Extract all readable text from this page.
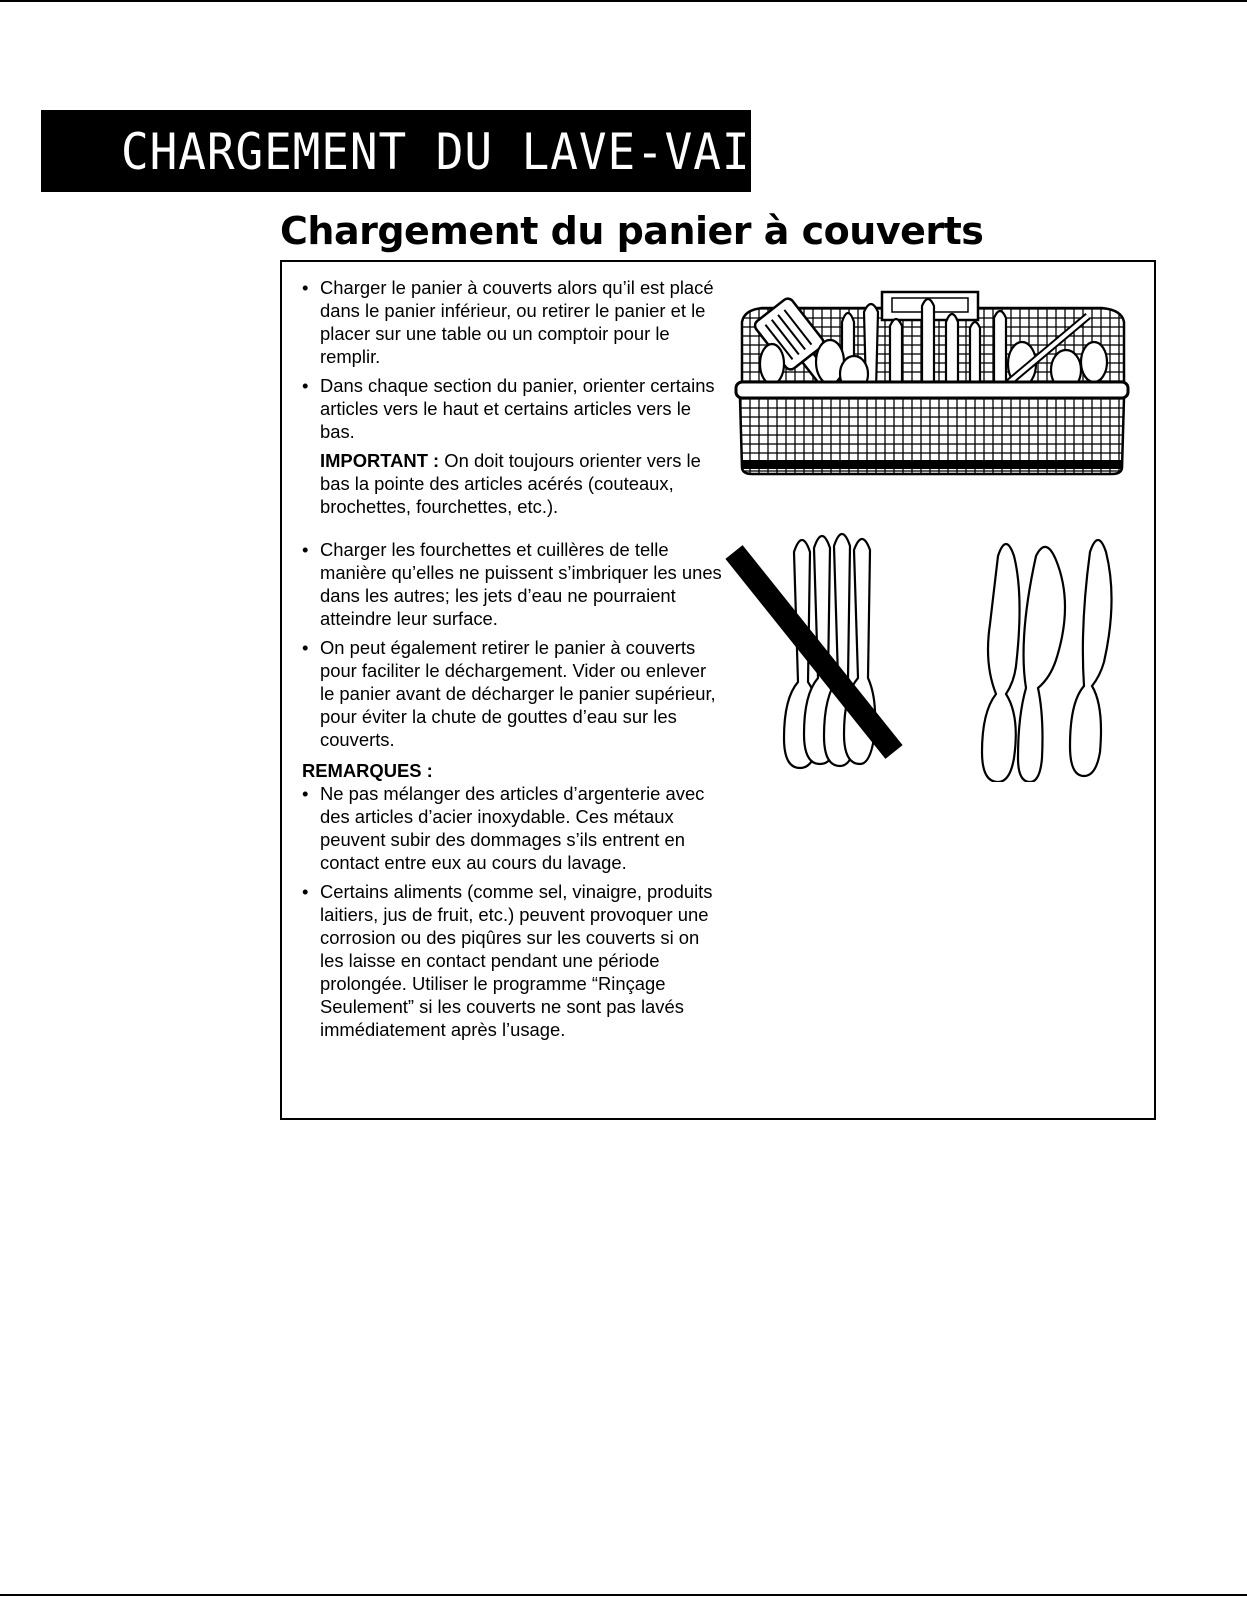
CHARGEMENT DU LAVE-VAISSELLE
Chargement du panier à couverts
• Charger le panier à couverts alors qu’il est placé dans le panier inférieur, ou retirer le panier et le placer sur une table ou un comptoir pour le remplir.
• Dans chaque section du panier, orienter certains articles vers le haut et certains articles vers le bas.
IMPORTANT : On doit toujours orienter vers le bas la pointe des articles acérés (couteaux, brochettes, fourchettes, etc.).
• Charger les fourchettes et cuillères de telle manière qu’elles ne puissent s’imbriquer les unes dans les autres; les jets d’eau ne pourraient atteindre leur surface.
• On peut également retirer le panier à couverts pour faciliter le déchargement. Vider ou enlever le panier avant de décharger le panier supérieur, pour éviter la chute de gouttes d’eau sur les couverts.
REMARQUES :
• Ne pas mélanger des articles d’argenterie avec des articles d’acier inoxydable. Ces métaux peuvent subir des dommages s’ils entrent en contact entre eux au cours du lavage.
• Certains aliments (comme sel, vinaigre, produits laitiers, jus de fruit, etc.) peuvent provoquer une corrosion ou des piqûres sur les couverts si on les laisse en contact pendant une période prolongée. Utiliser le programme “Rinçage Seulement” si les couverts ne sont pas lavés immédiatement après l’usage.
